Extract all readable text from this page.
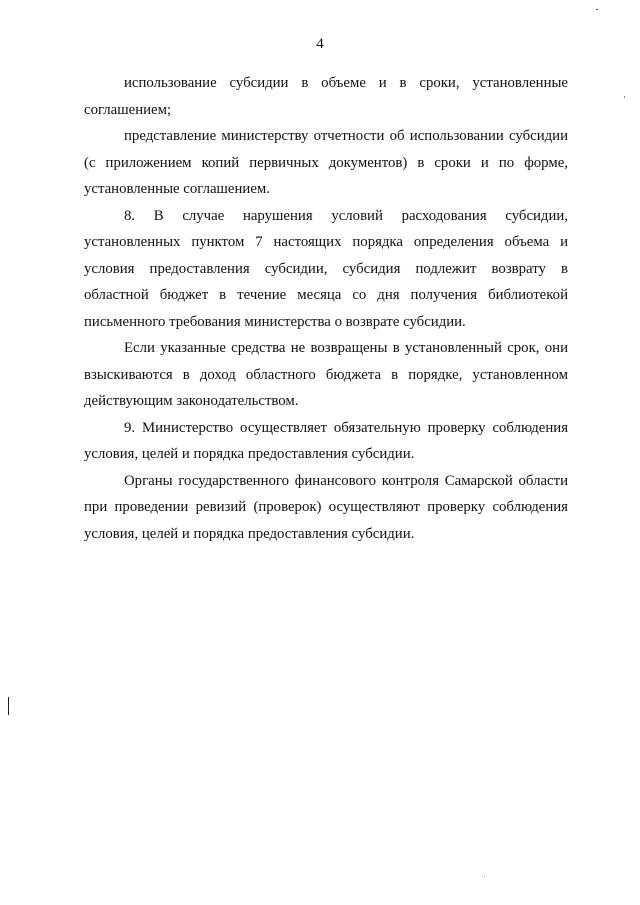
4

использование субсидии в объеме и в сроки, установленные соглашением;

представление министерству отчетности об использовании субсидии (с приложением копий первичных документов) в сроки и по форме, установленные соглашением.

8. В случае нарушения условий расходования субсидии, установленных пунктом 7 настоящих порядка определения объема и условия предоставления субсидии, субсидия подлежит возврату в областной бюджет в течение месяца со дня получения библиотекой письменного требования министерства о возврате субсидии.

Если указанные средства не возвращены в установленный срок, они взыскиваются в доход областного бюджета в порядке, установленном действующим законодательством.

9. Министерство осуществляет обязательную проверку соблюдения условия, целей и порядка предоставления субсидии.

Органы государственного финансового контроля Самарской области при проведении ревизий (проверок) осуществляют проверку соблюдения условия, целей и порядка предоставления субсидии.
